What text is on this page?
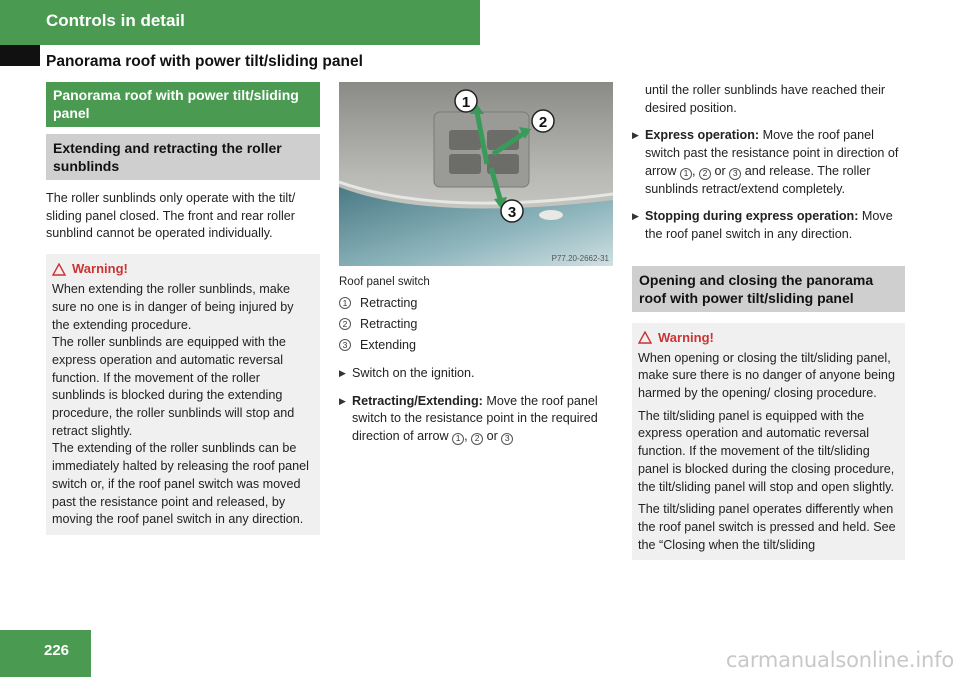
Controls in detail
Panorama roof with power tilt/sliding panel
Panorama roof with power tilt/sliding panel
Extending and retracting the roller sunblinds
The roller sunblinds only operate with the tilt/ sliding panel closed. The front and rear roller sunblind cannot be operated individually.
Warning!
When extending the roller sunblinds, make sure no one is in danger of being injured by the extending procedure.
The roller sunblinds are equipped with the express operation and automatic reversal function. If the movement of the roller sunblinds is blocked during the extending procedure, the roller sunblinds will stop and retract slightly.
The extending of the roller sunblinds can be immediately halted by releasing the roof panel switch or, if the roof panel switch was moved past the resistance point and released, by moving the roof panel switch in any direction.
1
2
3
P77.20-2662-31
Roof panel switch
1 Retracting
2 Retracting
3 Extending
▶ Switch on the ignition.
▶ Retracting/Extending: Move the roof panel switch to the resistance point in the required direction of arrow 1 , 2 or 3
until the roller sunblinds have reached their desired position.
▶ Express operation: Move the roof panel switch past the resistance point in direction of arrow 1 , 2 or 3 and release. The roller sunblinds retract/extend completely.
▶ Stopping during express operation: Move the roof panel switch in any direction.
Opening and closing the panorama roof with power tilt/sliding panel
Warning!
When opening or closing the tilt/sliding panel, make sure there is no danger of anyone being harmed by the opening/ closing procedure.
The tilt/sliding panel is equipped with the express operation and automatic reversal function. If the movement of the tilt/sliding panel is blocked during the closing procedure, the tilt/sliding panel will stop and open slightly.
The tilt/sliding panel operates differently when the roof panel switch is pressed and held. See the “Closing when the tilt/sliding
226	carmanualsonline.info
